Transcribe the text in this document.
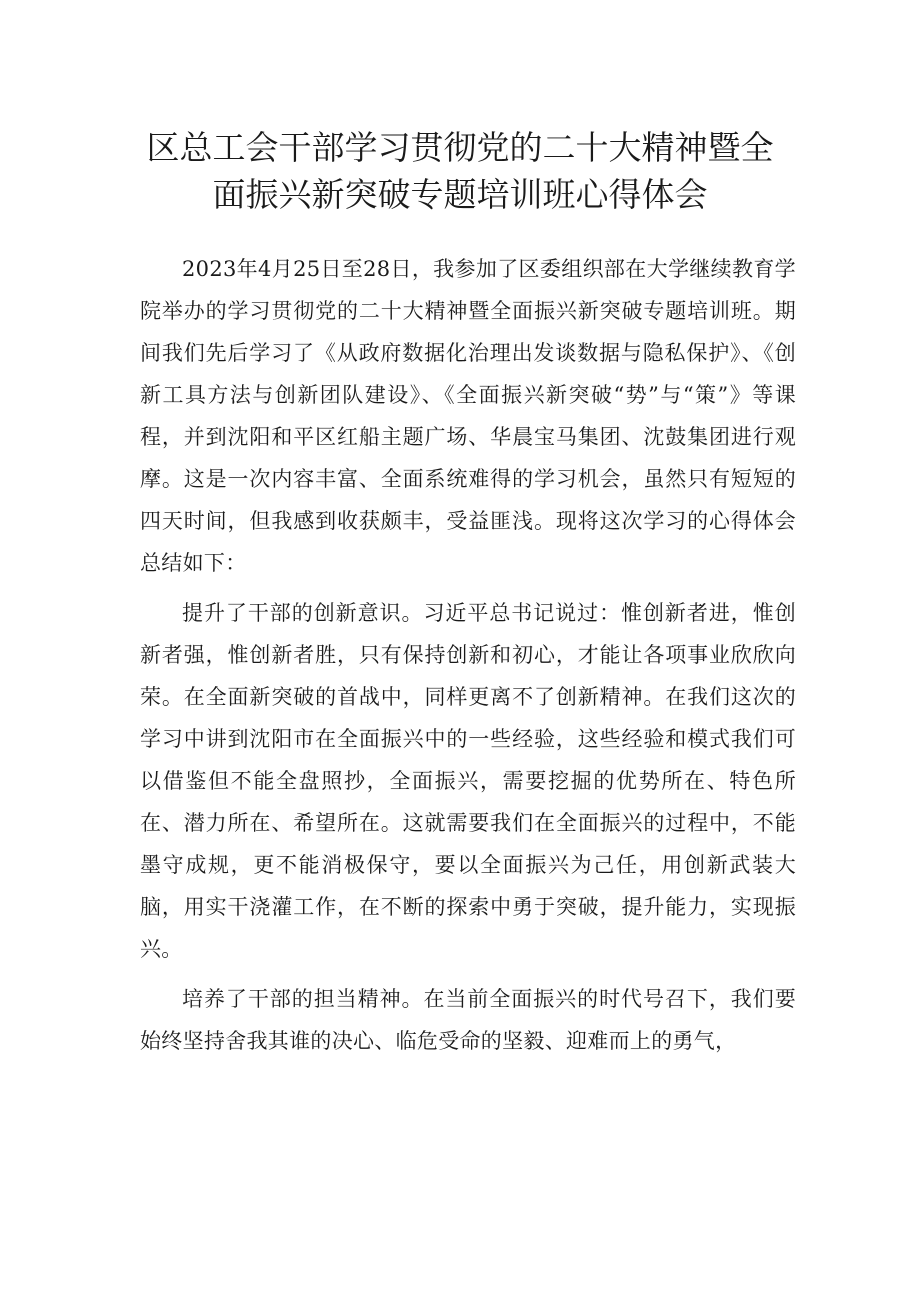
区总工会干部学习贯彻党的二十大精神暨全
面振兴新突破专题培训班心得体会

2023年4月25日至28日，我参加了区委组织部在大学继续教育学院举办的学习贯彻党的二十大精神暨全面振兴新突破专题培训班。期间我们先后学习了《从政府数据化治理出发谈数据与隐私保护》、《创新工具方法与创新团队建设》、《全面振兴新突破“势”与“策”》等课程，并到沈阳和平区红船主题广场、华晨宝马集团、沈鼓集团进行观摩。这是一次内容丰富、全面系统难得的学习机会，虽然只有短短的四天时间，但我感到收获颇丰，受益匪浅。现将这次学习的心得体会总结如下：

提升了干部的创新意识。习近平总书记说过：惟创新者进，惟创新者强，惟创新者胜，只有保持创新和初心，才能让各项事业欣欣向荣。在全面新突破的首战中，同样更离不了创新精神。在我们这次的学习中讲到沈阳市在全面振兴中的一些经验，这些经验和模式我们可以借鉴但不能全盘照抄，全面振兴，需要挖掘的优势所在、特色所在、潜力所在、希望所在。这就需要我们在全面振兴的过程中，不能墨守成规，更不能消极保守，要以全面振兴为己任，用创新武装大脑，用实干浇灌工作，在不断的探索中勇于突破，提升能力，实现振兴。

培养了干部的担当精神。在当前全面振兴的时代号召下，我们要始终坚持舍我其谁的决心、临危受命的坚毅、迎难而上的勇气，
